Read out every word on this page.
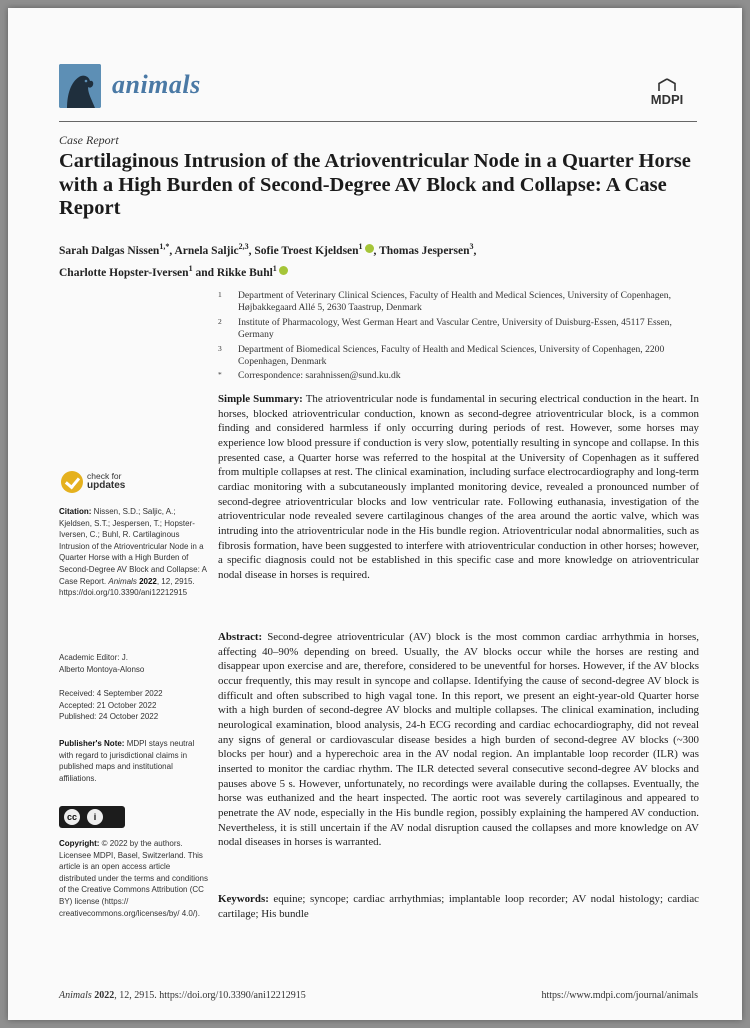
animals
MDPI
Case Report
Cartilaginous Intrusion of the Atrioventricular Node in a Quarter Horse with a High Burden of Second-Degree AV Block and Collapse: A Case Report
Sarah Dalgas Nissen$^{1,*}$, Arnela Saljic$^{2,3}$, Sofie Troest Kjeldsen$^1$ , Thomas Jespersen$^3$,
Charlotte Hopster-Iversen$^1$ and Rikke Buhl$^1$
1 Department of Veterinary Clinical Sciences, Faculty of Health and Medical Sciences, University of Copenhagen, Højbakkegaard Allé 5, 2630 Taastrup, Denmark
2 Institute of Pharmacology, West German Heart and Vascular Centre, University of Duisburg-Essen, 45117 Essen, Germany
3 Department of Biomedical Sciences, Faculty of Health and Medical Sciences, University of Copenhagen, 2200 Copenhagen, Denmark
* Correspondence: sarahnissen@sund.ku.dk
Simple Summary: The atrioventricular node is fundamental in securing electrical conduction in the heart. In horses, blocked atrioventricular conduction, known as second-degree atrioventricular block, is a common finding and considered harmless if only occurring during periods of rest. However, some horses may experience low blood pressure if conduction is very slow, potentially resulting in syncope and collapse. In this presented case, a Quarter horse was referred to the hospital at the University of Copenhagen as it suffered from multiple collapses at rest. The clinical examination, including surface electrocardiography and long-term cardiac monitoring with a subcutaneously implanted monitoring device, revealed a pronounced number of second-degree atrioventricular blocks and low ventricular rate. Following euthanasia, investigation of the atrioventricular node revealed severe cartilaginous changes of the area around the aortic valve, which was intruding into the atrioventricular node in the His bundle region. Atrioventricular nodal abnormalities, such as fibrosis formation, have been suggested to interfere with atrioventricular conduction in other horses; however, a specific diagnosis could not be established in this specific case and more knowledge on atrioventricular nodal disease in horses is required.
Abstract: Second-degree atrioventricular (AV) block is the most common cardiac arrhythmia in horses, affecting 40–90% depending on breed. Usually, the AV blocks occur while the horses are resting and disappear upon exercise and are, therefore, considered to be uneventful for horses. However, if the AV blocks occur frequently, this may result in syncope and collapse. Identifying the cause of second-degree AV block is difficult and often subscribed to high vagal tone. In this report, we present an eight-year-old Quarter horse with a high burden of second-degree AV blocks and multiple collapses. The clinical examination, including neurological examination, blood analysis, 24-h ECG recording and cardiac echocardiography, did not reveal any signs of general or cardiovascular disease besides a high burden of second-degree AV blocks (~300 blocks per hour) and a hyperechoic area in the AV nodal region. An implantable loop recorder (ILR) was inserted to monitor the cardiac rhythm. The ILR detected several consecutive second-degree AV blocks and pauses above 5 s. However, unfortunately, no recordings were available during the collapses. Eventually, the horse was euthanized and the heart inspected. The aortic root was severely cartilaginous and appeared to penetrate the AV node, especially in the His bundle region, possibly explaining the hampered AV conduction. Nevertheless, it is still uncertain if the AV nodal disruption caused the collapses and more knowledge on AV nodal diseases in horses is warranted.
Keywords: equine; syncope; cardiac arrhythmias; implantable loop recorder; AV nodal histology; cardiac cartilage; His bundle
check for
updates
Citation: Nissen, S.D.; Saljic, A.; Kjeldsen, S.T.; Jespersen, T.; Hopster-Iversen, C.; Buhl, R. Cartilaginous Intrusion of the Atrioventricular Node in a Quarter Horse with a High Burden of Second-Degree AV Block and Collapse: A Case Report. Animals 2022, 12, 2915. https://doi.org/10.3390/ani12212915
Academic Editor: J.
Alberto Montoya-Alonso
Received: 4 September 2022
Accepted: 21 October 2022
Published: 24 October 2022
Publisher's Note: MDPI stays neutral with regard to jurisdictional claims in published maps and institutional affiliations.
cc	i
Copyright: © 2022 by the authors. Licensee MDPI, Basel, Switzerland. This article is an open access article distributed under the terms and conditions of the Creative Commons Attribution (CC BY) license (https:// creativecommons.org/licenses/by/ 4.0/).
Animals 2022, 12, 2915. https://doi.org/10.3390/ani12212915	https://www.mdpi.com/journal/animals
